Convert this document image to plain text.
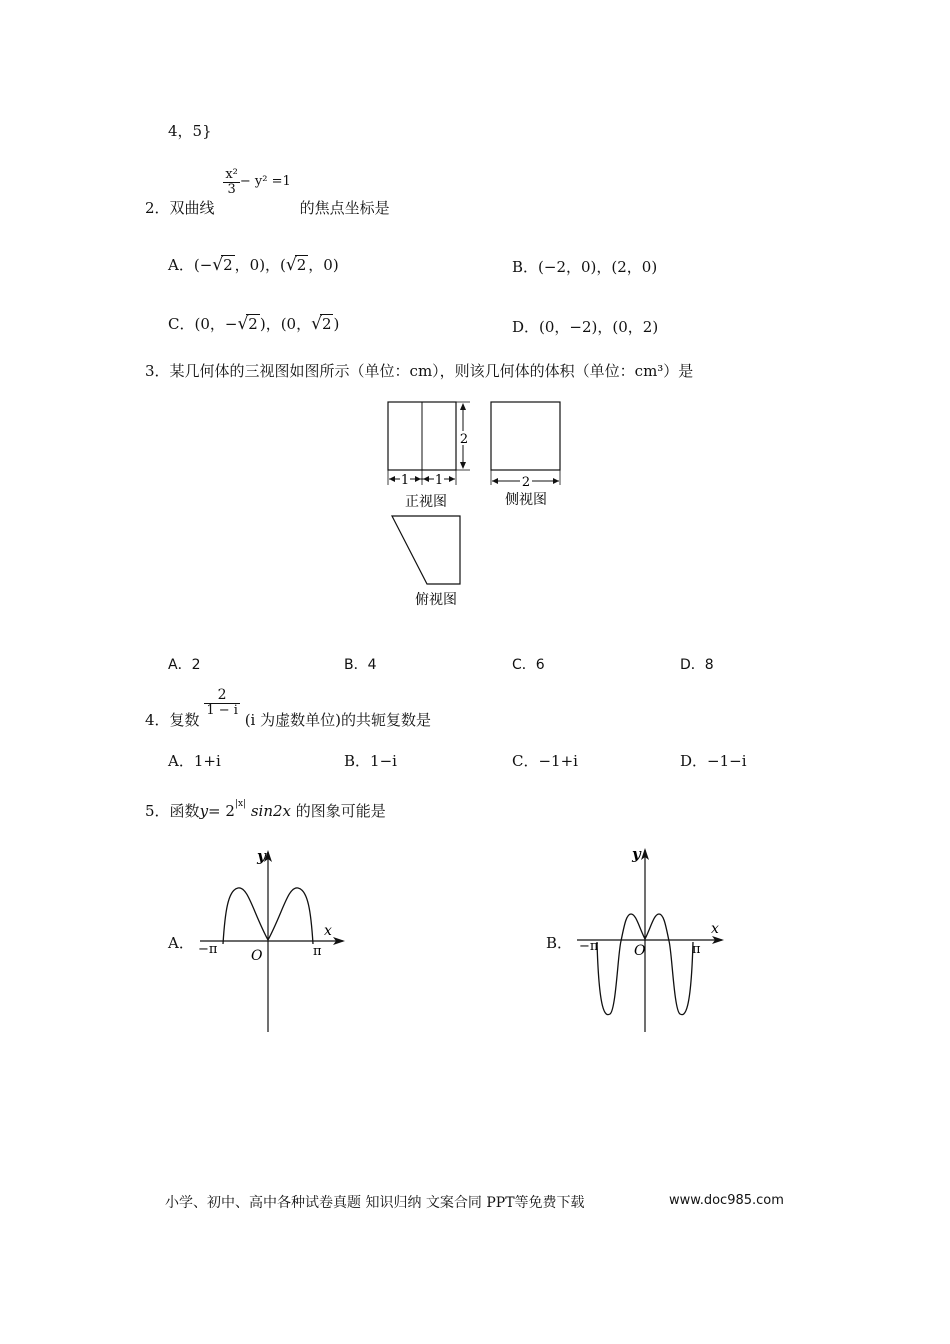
4，5}
2．双曲线
$\frac{\text{x²}}{3} - y^2 =1$ 的焦点坐标是
A．(−√2 ，0)，(√2 ，0)	B．(−2，0)，(2，0)
C．(0，−√2 )，(0，√2 )	D．(0，−2)，(0，2)
3．某几何体的三视图如图所示（单位：cm），则该几何体的体积（单位：cm³）是
2
1 1
正视图
2
侧视图
俯视图
A．2	B．4	C．6	D．8
4．复数
$\frac{2}{1 - i}$
(i 为虚数单位)的共轭复数是
A．1+i	B．1−i	C．−1+i	D．−1−i
5．函数$y= 2^{|x|}$ sin2x 的图象可能是
A．
y
x
O
−π	π	B．
y
x
O
−π	π
小学、初中、高中各种试卷真题 知识归纳 文案合同 PPT等免费下载	www.doc985.com
